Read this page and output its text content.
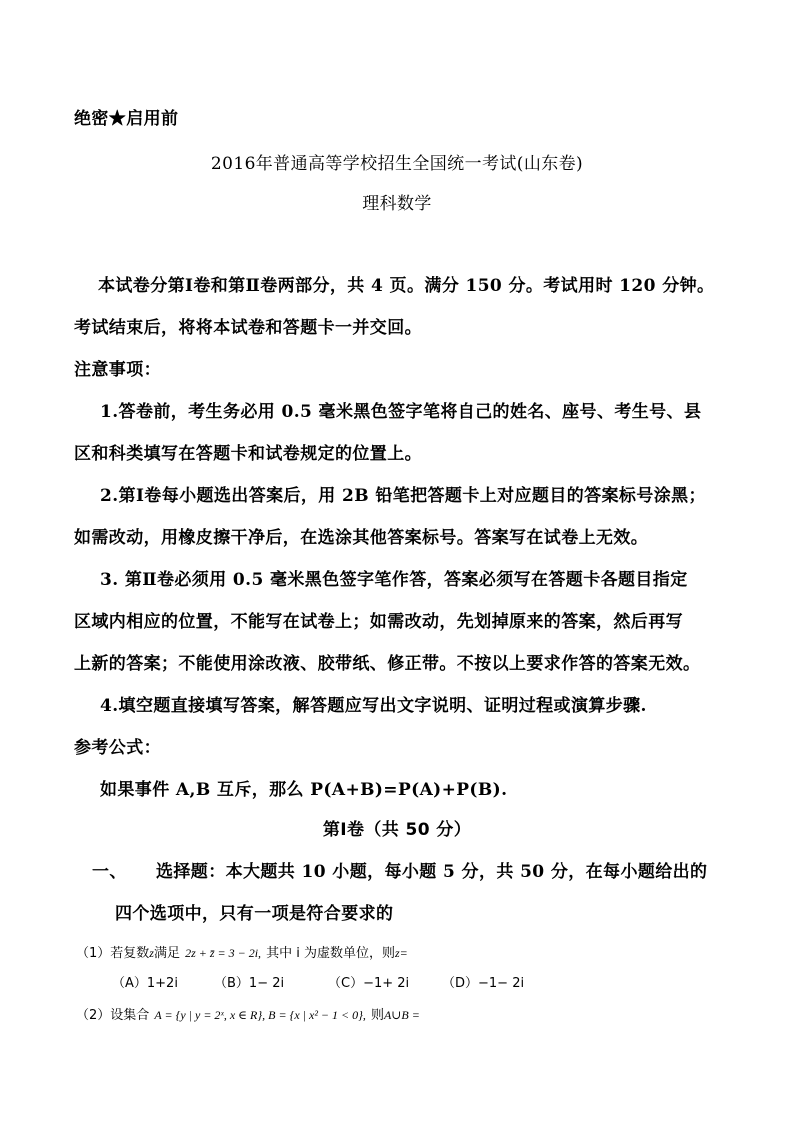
绝密★启用前
2016年普通高等学校招生全国统一考试(山东卷)
理科数学
本试卷分第Ⅰ卷和第Ⅱ卷两部分，共 4 页。满分 150 分。考试用时 120 分钟。
考试结束后，将将本试卷和答题卡一并交回。
注意事项：
1.答卷前，考生务必用 0.5 毫米黑色签字笔将自己的姓名、座号、考生号、县
区和科类填写在答题卡和试卷规定的位置上。
2.第Ⅰ卷每小题选出答案后，用 2B 铅笔把答题卡上对应题目的答案标号涂黑；
如需改动，用橡皮擦干净后，在选涂其他答案标号。答案写在试卷上无效。
3. 第Ⅱ卷必须用 0.5 毫米黑色签字笔作答，答案必须写在答题卡各题目指定
区域内相应的位置，不能写在试卷上；如需改动，先划掉原来的答案，然后再写
上新的答案；不能使用涂改液、胶带纸、修正带。不按以上要求作答的答案无效。
4.填空题直接填写答案，解答题应写出文字说明、证明过程或演算步骤.
参考公式：
如果事件 A,B 互斥，那么 P(A+B)=P(A)+P(B).
第Ⅰ卷（共 50 分）
一、 选择题：本大题共 10 小题，每小题 5 分，共 50 分，在每小题给出的
四个选项中，只有一项是符合要求的
（1）若复数z满足 2z + z̄ = 3 − 2i, 其中 i 为虚数单位，则z=
（A）1+2i	（B）1− 2i	（C）−1+ 2i	（D）−1− 2i
（2）设集合 A = {y | y = 2ˣ, x ∈ R}, B = {x | x² − 1 < 0}, 则A∪B =
